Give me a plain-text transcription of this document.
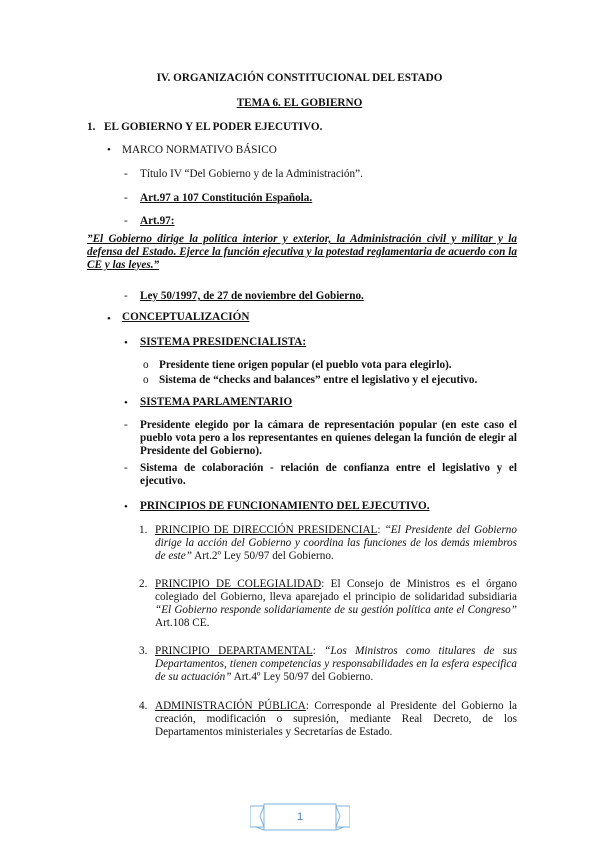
IV. ORGANIZACIÓN CONSTITUCIONAL DEL ESTADO
TEMA 6. EL GOBIERNO
1. EL GOBIERNO Y EL PODER EJECUTIVO.
• MARCO NORMATIVO BÁSICO
- Título IV “Del Gobierno y de la Administración”.
- Art.97 a 107 Constitución Española.
- Art.97:
”El Gobierno dirige la política interior y exterior, la Administración civil y militar y la defensa del Estado. Ejerce la función ejecutiva y la potestad reglamentaria de acuerdo con la CE y las leyes.”
- Ley 50/1997, de 27 de noviembre del Gobierno.
• CONCEPTUALIZACIÓN
• SISTEMA PRESIDENCIALISTA:
o Presidente tiene origen popular (el pueblo vota para elegirlo).
o Sistema de “checks and balances” entre el legislativo y el ejecutivo.
• SISTEMA PARLAMENTARIO
- Presidente elegido por la cámara de representación popular (en este caso el pueblo vota pero a los representantes en quienes delegan la función de elegir al Presidente del Gobierno).
- Sistema de colaboración - relación de confianza entre el legislativo y el ejecutivo.
• PRINCIPIOS DE FUNCIONAMIENTO DEL EJECUTIVO.
1. PRINCIPIO DE DIRECCIÓN PRESIDENCIAL: “El Presidente del Gobierno dirige la acción del Gobierno y coordina las funciones de los demás miembros de este” Art.2º Ley 50/97 del Gobierno.
2. PRINCIPIO DE COLEGIALIDAD: El Consejo de Ministros es el órgano colegiado del Gobierno, lleva aparejado el principio de solidaridad subsidiaria “El Gobierno responde solidariamente de su gestión política ante el Congreso” Art.108 CE.
3. PRINCIPIO DEPARTAMENTAL: “Los Ministros como titulares de sus Departamentos, tienen competencias y responsabilidades en la esfera especifica de su actuación” Art.4º Ley 50/97 del Gobierno.
4. ADMINISTRACIÓN PÚBLICA: Corresponde al Presidente del Gobierno la creación, modificación o supresión, mediante Real Decreto, de los Departamentos ministeriales y Secretarías de Estado.
1
